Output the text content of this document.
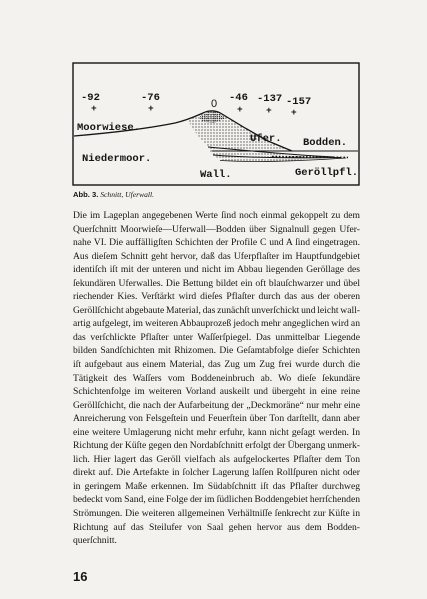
-92
+
-76
+	0 -46
+
-137
+
-157
+
Moorwiese.
Niedermoor.
Ufer. Bodden.
Wall.	Geröllpfl.
Abb. 3. Schnitt, Uferwall.
Die im Lageplan angegebenen Werte ſind noch einmal gekoppelt zu dem
Querſchnitt Moorwieſe—Uferwall—Bodden über Signalnull gegen Ufer-
nahe VI. Die auffälligſten Schichten der Profile C und A ſind eingetragen.
Aus dieſem Schnitt geht hervor, daß das Uferpflaſter im Hauptfundgebiet
identiſch iſt mit der unteren und nicht im Abbau liegenden Geröllage des
ſekundären Uferwalles. Die Bettung bildet ein oft blauſchwarzer und übel
riechender Kies. Verſtärkt wird dieſes Pflaſter durch das aus der oberen
Geröllſchicht abgebaute Material, das zunächſt unverſchickt und leicht wall-
artig aufgelegt, im weiteren Abbauprozeß jedoch mehr angeglichen wird an
das verſchlickte Pflaſter unter Waſſerſpiegel. Das unmittelbar Liegende
bilden Sandſchichten mit Rhizomen. Die Geſamtabfolge dieſer Schichten
iſt aufgebaut aus einem Material, das Zug um Zug frei wurde durch die
Tätigkeit des Waſſers vom Boddeneinbruch ab. Wo dieſe ſekundäre
Schichtenfolge im weiteren Vorland auskeilt und übergeht in eine reine
Geröllſchicht, die nach der Aufarbeitung der „Deckmoräne“ nur mehr eine
Anreicherung von Felsgeſtein und Feuerſtein über Ton darſtellt, dann aber
eine weitere Umlagerung nicht mehr erfuhr, kann nicht geſagt werden. In
Richtung der Küſte gegen den Nordabſchnitt erfolgt der Übergang unmerk-
lich. Hier lagert das Geröll vielfach als aufgelockertes Pflaſter dem Ton
direkt auf. Die Artefakte in ſolcher Lagerung laſſen Rollſpuren nicht oder
in geringem Maße erkennen. Im Südabſchnitt iſt das Pflaſter durchweg
bedeckt vom Sand, eine Folge der im ſüdlichen Boddengebiet herrſchenden
Strömungen. Die weiteren allgemeinen Verhältniſſe ſenkrecht zur Küſte in
Richtung auf das Steilufer von Saal gehen hervor aus dem Bodden-
querſchnitt.
16
